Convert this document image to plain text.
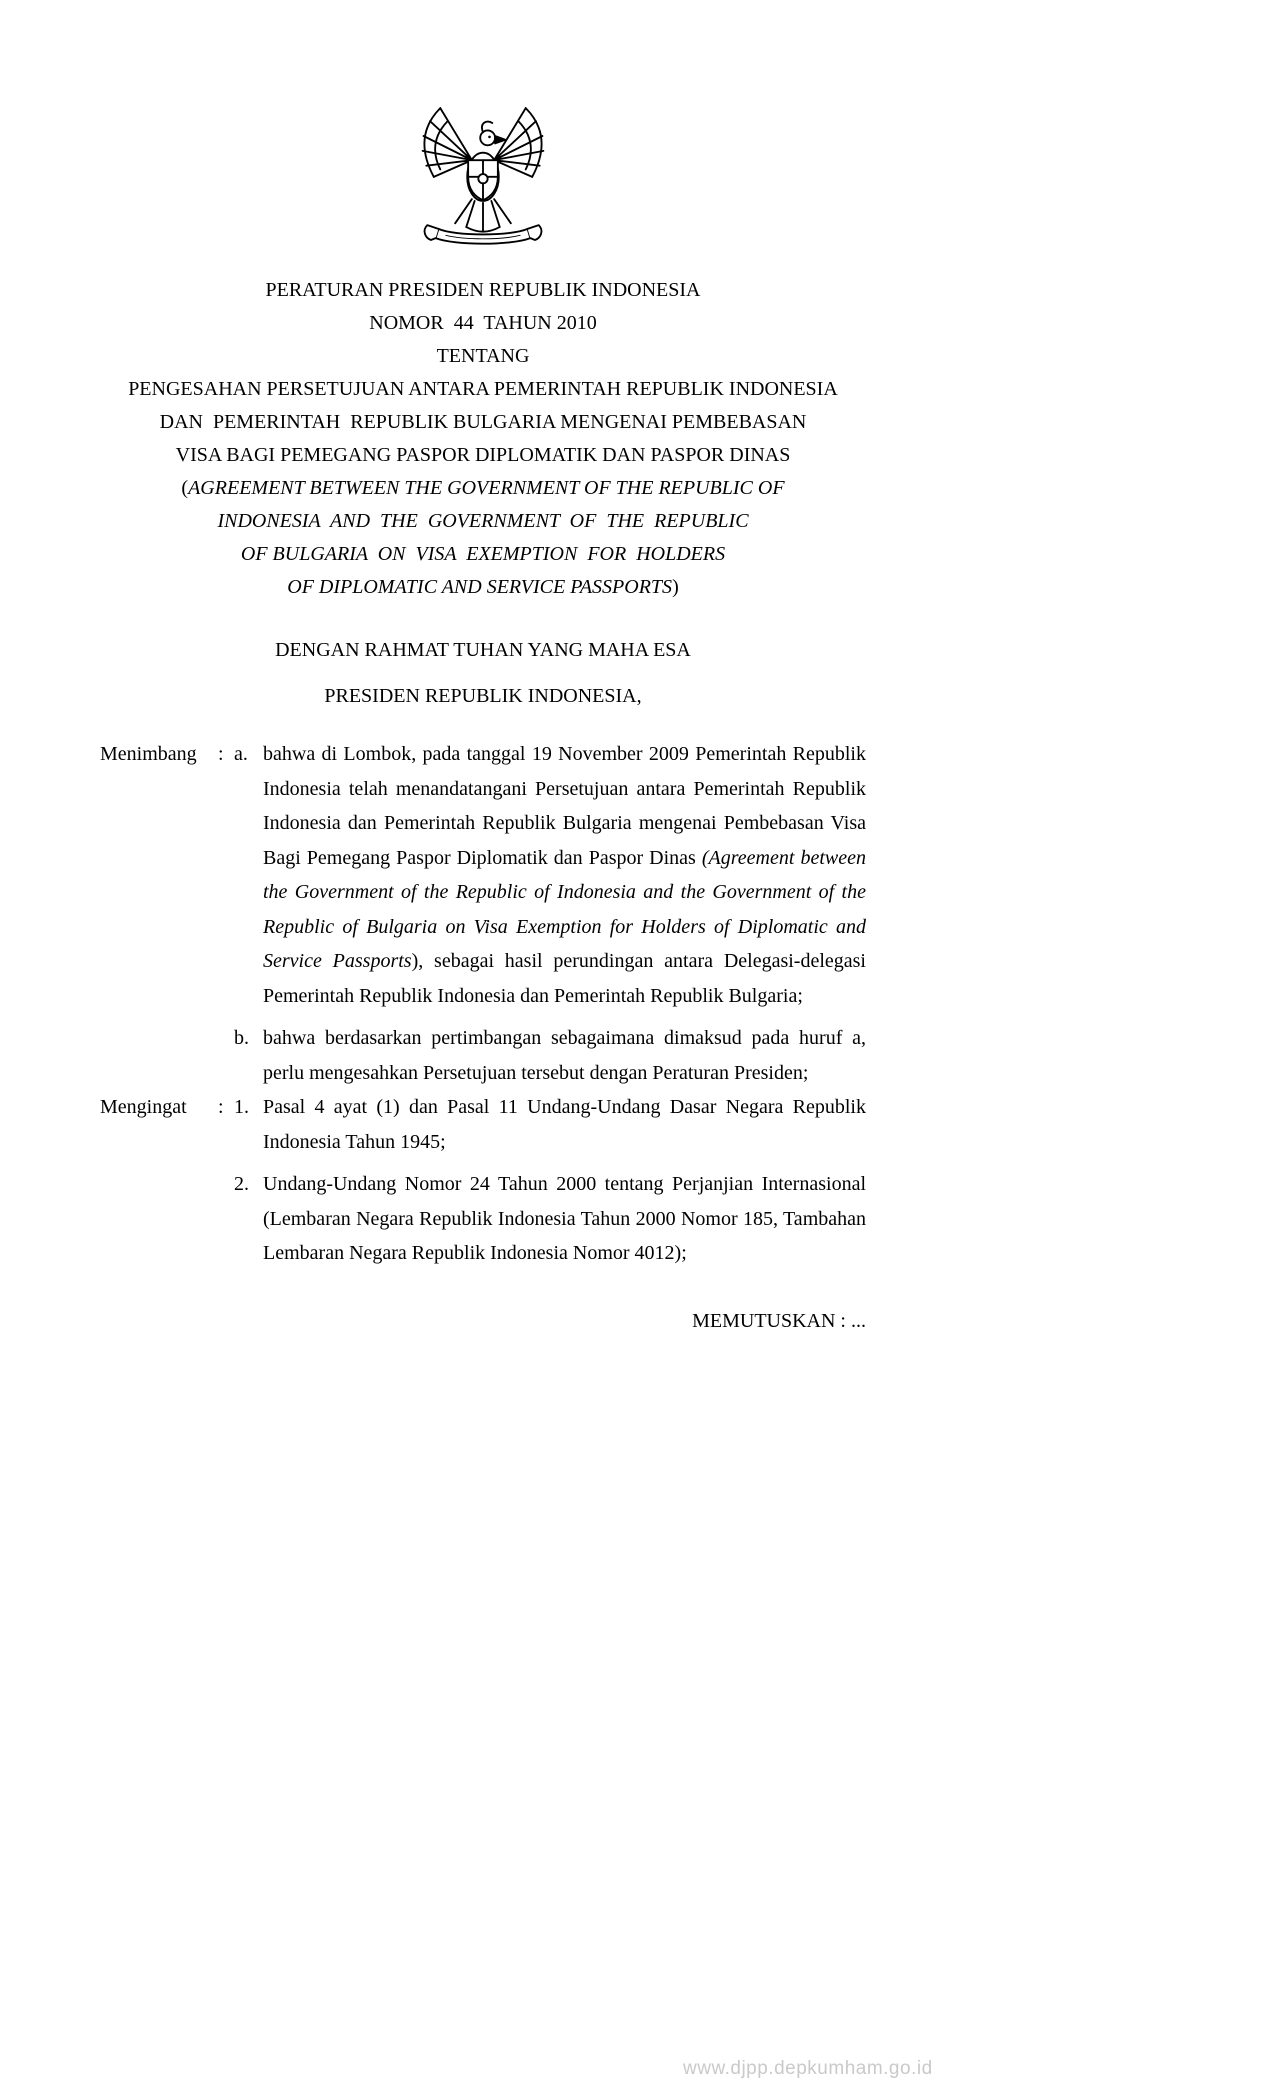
PERATURAN PRESIDEN REPUBLIK INDONESIA

NOMOR  44  TAHUN 2010

TENTANG

PENGESAHAN PERSETUJUAN ANTARA PEMERINTAH REPUBLIK INDONESIA

DAN  PEMERINTAH  REPUBLIK BULGARIA MENGENAI PEMBEBASAN

VISA BAGI PEMEGANG PASPOR DIPLOMATIK DAN PASPOR DINAS

(AGREEMENT BETWEEN THE GOVERNMENT OF THE REPUBLIC OF

INDONESIA  AND  THE  GOVERNMENT  OF  THE  REPUBLIC

OF BULGARIA  ON  VISA  EXEMPTION  FOR  HOLDERS

OF DIPLOMATIC AND SERVICE PASSPORTS)

DENGAN RAHMAT TUHAN YANG MAHA ESA

PRESIDEN REPUBLIK INDONESIA,

Menimbang	: a. bahwa di Lombok, pada tanggal 19 November 2009 Pemerintah Republik Indonesia telah menandatangani Persetujuan antara Pemerintah Republik Indonesia dan Pemerintah Republik Bulgaria mengenai Pembebasan Visa Bagi Pemegang Paspor Diplomatik dan Paspor Dinas (Agreement between the Government of the Republic of Indonesia and the Government of the Republic of Bulgaria on Visa Exemption for Holders of Diplomatic and Service Passports), sebagai hasil perundingan antara Delegasi-delegasi Pemerintah Republik Indonesia dan Pemerintah Republik Bulgaria;
b. bahwa berdasarkan pertimbangan sebagaimana dimaksud pada huruf a, perlu mengesahkan Persetujuan tersebut dengan Peraturan Presiden;
Mengingat	: 1. Pasal 4 ayat (1) dan Pasal 11 Undang-Undang Dasar Negara Republik Indonesia Tahun 1945;
2. Undang-Undang Nomor 24 Tahun 2000 tentang Perjanjian Internasional (Lembaran Negara Republik Indonesia Tahun 2000 Nomor 185, Tambahan Lembaran Negara Republik Indonesia Nomor 4012);

MEMUTUSKAN : ...

www.djpp.depkumham.go.id
